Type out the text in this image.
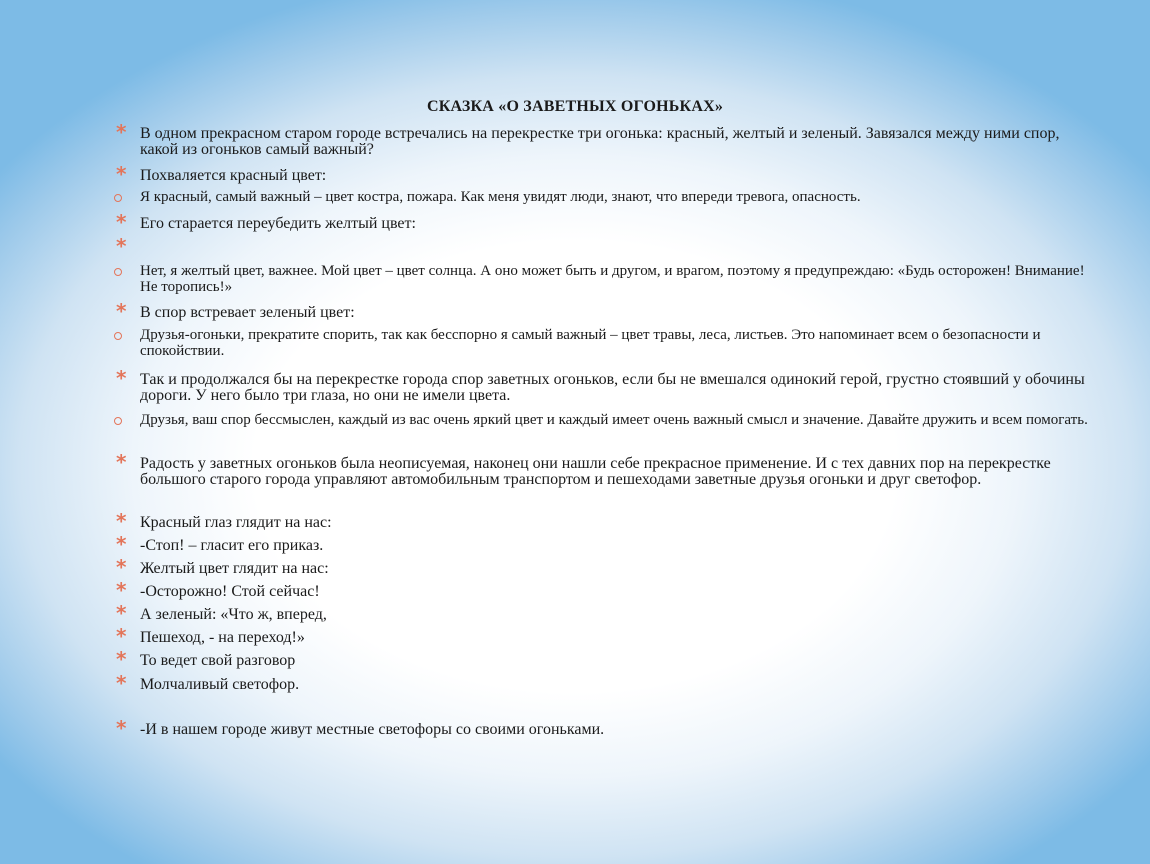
СКАЗКА «О ЗАВЕТНЫХ ОГОНЬКАХ»
* В одном прекрасном старом городе встречались на перекрестке три огонька: красный, желтый и зеленый. Завязался между ними спор, какой из огоньков самый важный?
* Похваляется красный цвет:
Я красный, самый важный – цвет костра, пожара. Как меня увидят люди, знают, что впереди тревога, опасность.
* Его старается переубедить желтый цвет:
*
Нет, я желтый цвет, важнее. Мой цвет – цвет солнца. А оно может быть и другом, и врагом, поэтому я предупреждаю: «Будь осторожен! Внимание! Не торопись!»
* В спор встревает зеленый цвет:
Друзья-огоньки, прекратите спорить, так как бесспорно я самый важный – цвет травы, леса, листьев. Это напоминает всем о безопасности и спокойствии.
* Так и продолжался бы на перекрестке города спор заветных огоньков, если бы не вмешался одинокий герой, грустно стоявший у обочины дороги. У него было три глаза, но они не имели цвета.
Друзья, ваш спор бессмыслен, каждый из вас очень яркий цвет и каждый имеет очень важный смысл и значение. Давайте дружить и всем помогать.
* Радость у заветных огоньков была неописуемая, наконец они нашли себе прекрасное применение. И с тех давних пор на перекрестке большого старого города управляют автомобильным транспортом и пешеходами заветные друзья огоньки и друг светофор.
* Красный глаз глядит на нас:
* -Стоп! – гласит его приказ.
* Желтый цвет глядит на нас:
* -Осторожно! Стой сейчас!
* А зеленый: «Что ж, вперед,
* Пешеход, - на переход!»
* То ведет свой разговор
* Молчаливый светофор.
* -И в нашем городе живут местные светофоры со своими огоньками.
